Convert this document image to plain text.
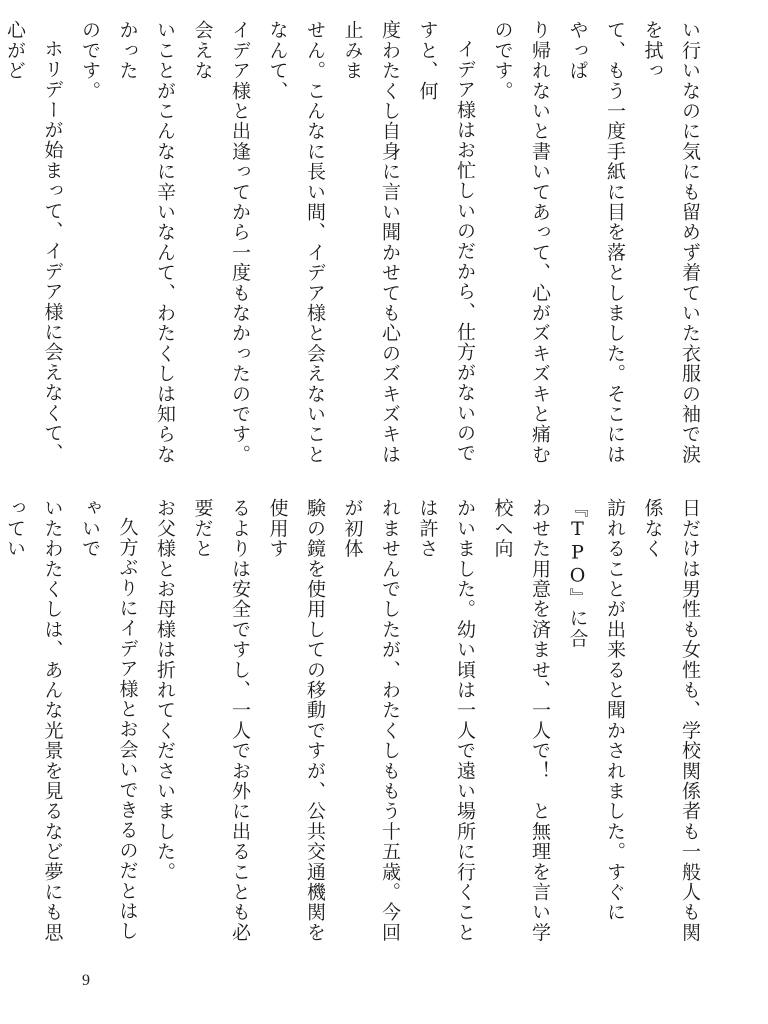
い行いなのに気にも留めず着ていた衣服の袖で涙を拭っ

て、もう一度手紙に目を落としました。そこにはやっぱ

り帰れないと書いてあって、心がズキズキと痛むのです。

イデア様はお忙しいのだから、仕方がないのですと、何

度わたくし自身に言い聞かせても心のズキズキは止みま

せん。こんなに長い間、イデア様と会えないことなんて、

イデア様と出逢ってから一度もなかったのです。会えな

いことがこんなに辛いなんて、わたくしは知らなかった

のです。

ホリデーが始まって、イデア様に会えなくて、心がど

日だけは男性も女性も、学校関係者も一般人も関係なく

訪れることが出来ると聞かされました。すぐに『TPO』に合

わせた用意を済ませ、一人で！　と無理を言い学校へ向

かいました。幼い頃は一人で遠い場所に行くことは許さ

れませんでしたが、わたくしももう十五歳。今回が初体

験の鏡を使用しての移動ですが、公共交通機関を使用す

るよりは安全ですし、一人でお外に出ることも必要だと

お父様とお母様は折れてくださいました。

久方ぶりにイデア様とお会いできるのだとはしゃいで

いたわたくしは、あんな光景を見るなど夢にも思ってい

9
